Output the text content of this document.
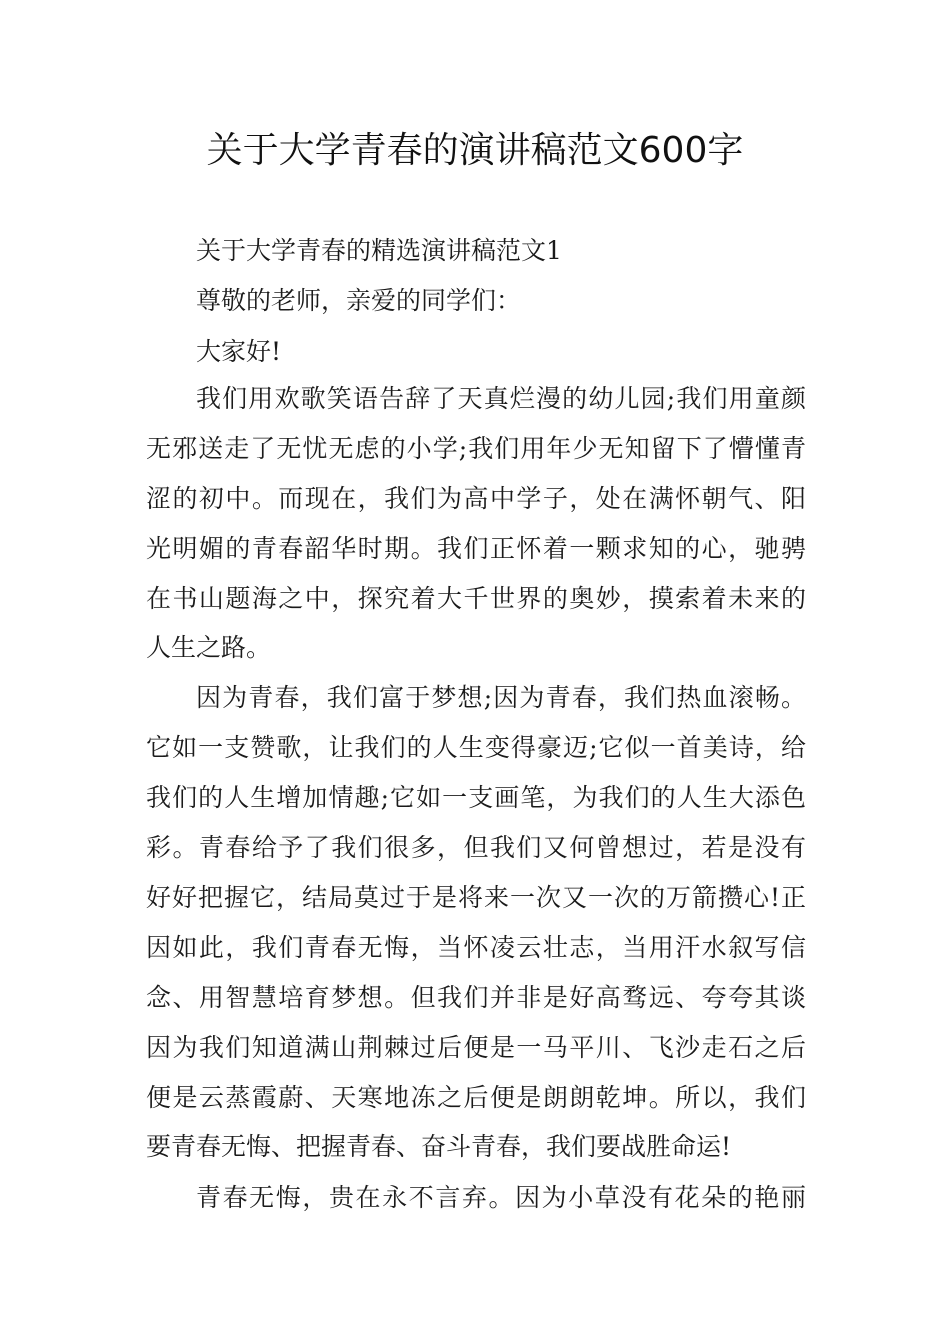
关于大学青春的演讲稿范文600字

关于大学青春的精选演讲稿范文1

尊敬的老师，亲爱的同学们：

大家好!

我们用欢歌笑语告辞了天真烂漫的幼儿园;我们用童颜

无邪送走了无忧无虑的小学;我们用年少无知留下了懵懂青

涩的初中。而现在，我们为高中学子，处在满怀朝气、阳

光明媚的青春韶华时期。我们正怀着一颗求知的心，驰骋

在书山题海之中，探究着大千世界的奥妙，摸索着未来的

人生之路。

因为青春，我们富于梦想;因为青春，我们热血滚畅。

它如一支赞歌，让我们的人生变得豪迈;它似一首美诗，给

我们的人生增加情趣;它如一支画笔，为我们的人生大添色

彩。青春给予了我们很多，但我们又何曾想过，若是没有

好好把握它，结局莫过于是将来一次又一次的万箭攒心!正

因如此，我们青春无悔，当怀凌云壮志，当用汗水叙写信

念、用智慧培育梦想。但我们并非是好高骛远、夸夸其谈

因为我们知道满山荆棘过后便是一马平川、飞沙走石之后

便是云蒸霞蔚、天寒地冻之后便是朗朗乾坤。所以，我们

要青春无悔、把握青春、奋斗青春，我们要战胜命运!

青春无悔，贵在永不言弃。因为小草没有花朵的艳丽
